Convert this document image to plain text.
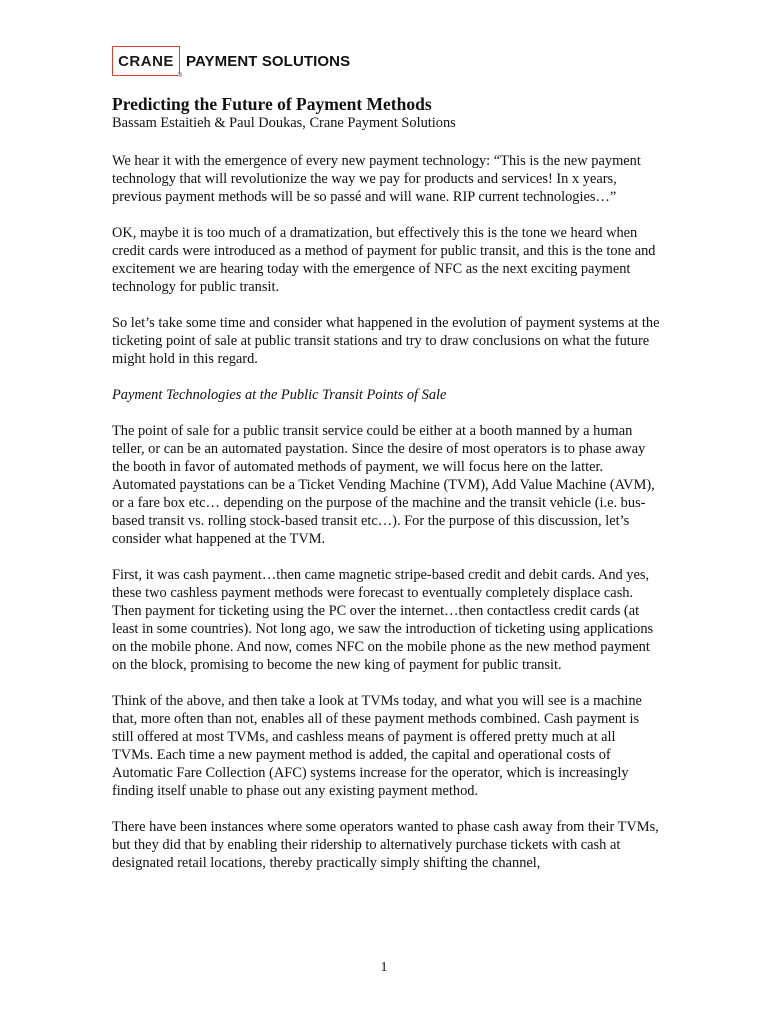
CRANE
®
PAYMENT SOLUTIONS
Predicting the Future of Payment Methods

Bassam Estaitieh & Paul Doukas, Crane Payment Solutions

We hear it with the emergence of every new payment technology: “This is the new payment technology that will revolutionize the way we pay for products and services! In x years, previous payment methods will be so passé and will wane. RIP current technologies…”

OK, maybe it is too much of a dramatization, but effectively this is the tone we heard when credit cards were introduced as a method of payment for public transit, and this is the tone and excitement we are hearing today with the emergence of NFC as the next exciting payment technology for public transit.

So let’s take some time and consider what happened in the evolution of payment systems at the ticketing point of sale at public transit stations and try to draw conclusions on what the future might hold in this regard.

Payment Technologies at the Public Transit Points of Sale

The point of sale for a public transit service could be either at a booth manned by a human teller, or can be an automated paystation. Since the desire of most operators is to phase away the booth in favor of automated methods of payment, we will focus here on the latter. Automated paystations can be a Ticket Vending Machine (TVM), Add Value Machine (AVM), or a fare box etc… depending on the purpose of the machine and the transit vehicle (i.e. bus-based transit vs. rolling stock-based transit etc…). For the purpose of this discussion, let’s consider what happened at the TVM.

First, it was cash payment…then came magnetic stripe-based credit and debit cards. And yes, these two cashless payment methods were forecast to eventually completely displace cash. Then payment for ticketing using the PC over the internet…then contactless credit cards (at least in some countries). Not long ago, we saw the introduction of ticketing using applications on the mobile phone. And now, comes NFC on the mobile phone as the new method payment on the block, promising to become the new king of payment for public transit.

Think of the above, and then take a look at TVMs today, and what you will see is a machine that, more often than not, enables all of these payment methods combined. Cash payment is still offered at most TVMs, and cashless means of payment is offered pretty much at all TVMs. Each time a new payment method is added, the capital and operational costs of Automatic Fare Collection (AFC) systems increase for the operator, which is increasingly finding itself unable to phase out any existing payment method.

There have been instances where some operators wanted to phase cash away from their TVMs, but they did that by enabling their ridership to alternatively purchase tickets with cash at designated retail locations, thereby practically simply shifting the channel,

1
